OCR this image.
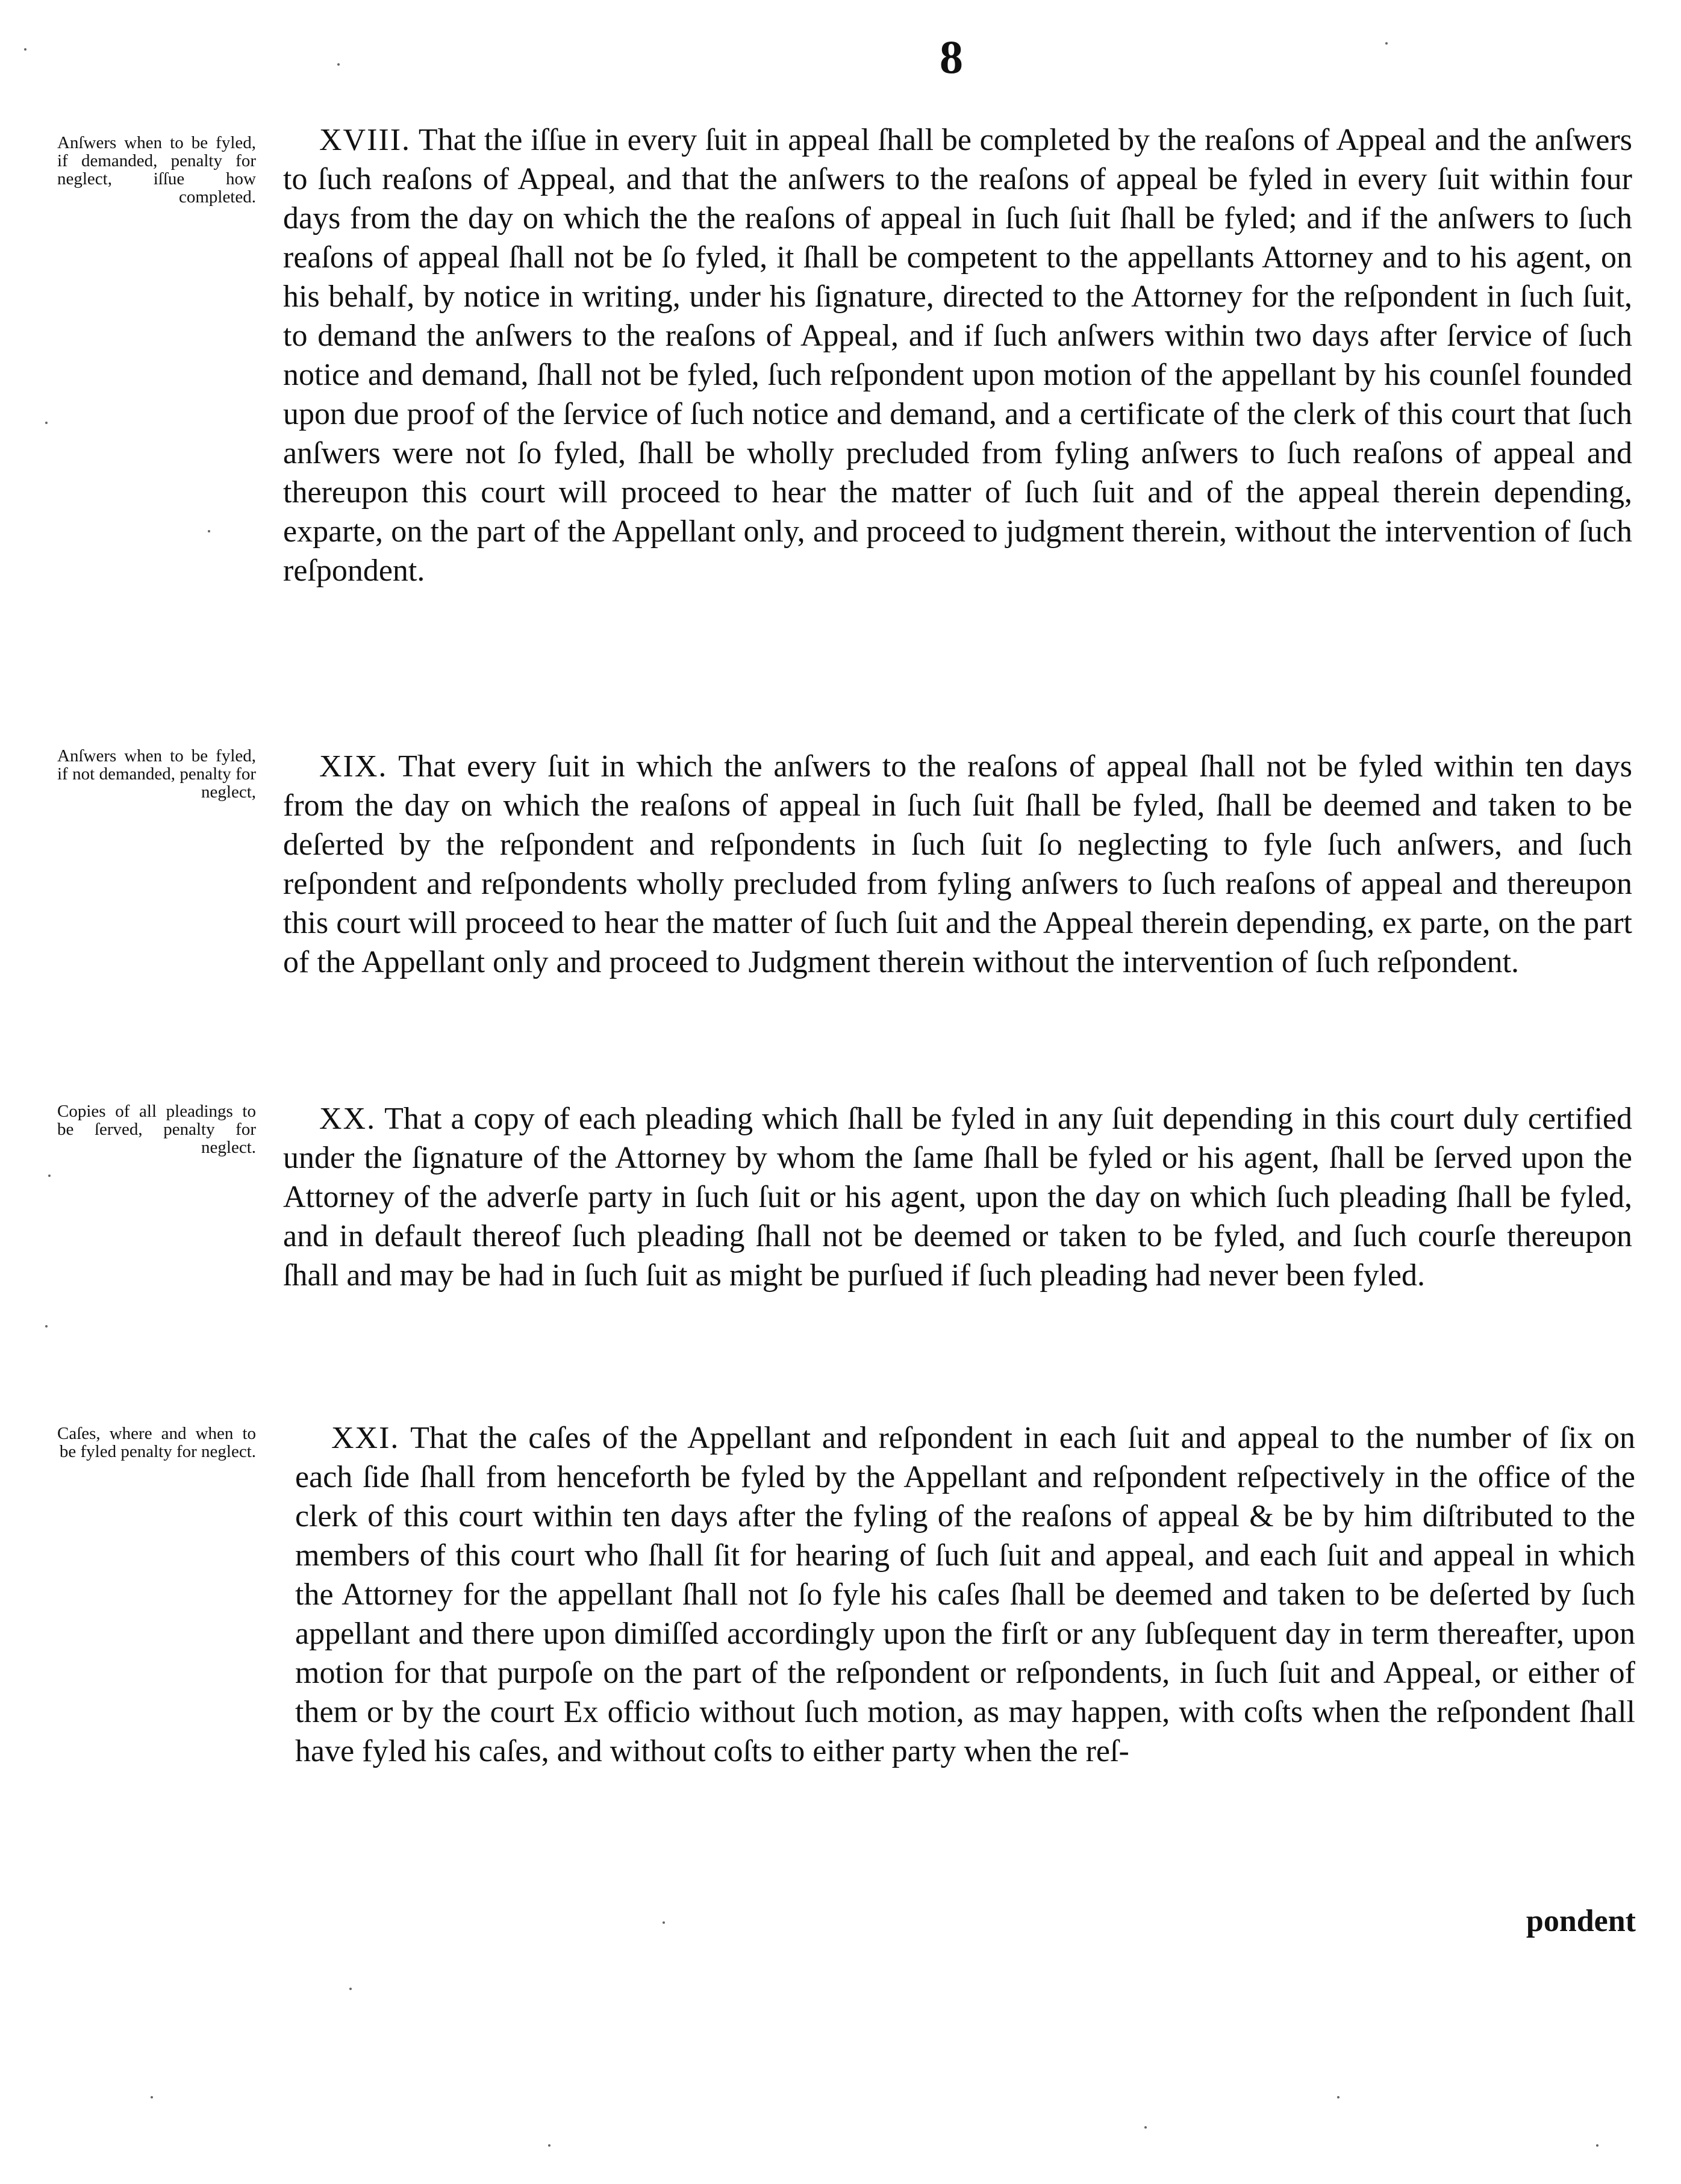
8
Anſwers when to be fyled, if demanded, penalty for neglect, iſſue how completed.
XVIII. That the iſſue in every ſuit in appeal ſhall be completed by the reaſons of Appeal and the anſwers to ſuch reaſons of Appeal, and that the anſwers to the reaſons of appeal be fyled in every ſuit within four days from the day on which the the reaſons of appeal in ſuch ſuit ſhall be fyled; and if the anſwers to ſuch reaſons of appeal ſhall not be ſo fyled, it ſhall be competent to the appellants Attorney and to his agent, on his behalf, by notice in writing, under his ſignature, directed to the Attorney for the reſpondent in ſuch ſuit, to demand the anſwers to the reaſons of Appeal, and if ſuch anſwers within two days after ſervice of ſuch notice and demand, ſhall not be fyled, ſuch reſpondent upon motion of the appellant by his counſel founded upon due proof of the ſervice of ſuch notice and demand, and a certificate of the clerk of this court that ſuch anſwers were not ſo fyled, ſhall be wholly precluded from fyling anſwers to ſuch reaſons of appeal and thereupon this court will proceed to hear the matter of ſuch ſuit and of the appeal therein depending, exparte, on the part of the Appellant only, and proceed to judgment therein, without the intervention of ſuch reſpondent.
Anſwers when to be fyled, if not demanded, penalty for neglect,
XIX. That every ſuit in which the anſwers to the reaſons of appeal ſhall not be fyled within ten days from the day on which the reaſons of appeal in ſuch ſuit ſhall be fyled, ſhall be deemed and taken to be deſerted by the reſpondent and reſpondents in ſuch ſuit ſo neglecting to fyle ſuch anſwers, and ſuch reſpondent and reſpondents wholly precluded from fyling anſwers to ſuch reaſons of appeal and thereupon this court will proceed to hear the matter of ſuch ſuit and the Appeal therein depending, ex parte, on the part of the Appellant only and proceed to Judgment therein without the intervention of ſuch reſpondent.
Copies of all pleadings to be ſerved, penalty for neglect.
XX. That a copy of each pleading which ſhall be fyled in any ſuit depending in this court duly certified under the ſignature of the Attorney by whom the ſame ſhall be fyled or his agent, ſhall be ſerved upon the Attorney of the adverſe party in ſuch ſuit or his agent, upon the day on which ſuch pleading ſhall be fyled, and in default thereof ſuch pleading ſhall not be deemed or taken to be fyled, and ſuch courſe thereupon ſhall and may be had in ſuch ſuit as might be purſued if ſuch pleading had never been fyled.
Caſes, where and when to be fyled penalty for neglect.	XXI. That the caſes of the Appellant and reſpondent in each ſuit and appeal to the number of ſix on each ſide ſhall from henceforth be fyled by the Appellant and reſpondent reſpectively in the office of the clerk of this court within ten days after the fyling of the reaſons of appeal & be by him diſtributed to the members of this court who ſhall ſit for hearing of ſuch ſuit and appeal, and each ſuit and appeal in which the Attorney for the appellant ſhall not ſo fyle his caſes ſhall be deemed and taken to be deſerted by ſuch appellant and there upon dimiſſed accordingly upon the firſt or any ſubſequent day in term thereafter, upon motion for that purpoſe on the part of the reſpondent or reſpondents, in ſuch ſuit and Appeal, or either of them or by the court Ex officio without ſuch motion, as may happen, with coſts when the reſpondent ſhall have fyled his caſes, and without coſts to either party when the reſ-
pondent
